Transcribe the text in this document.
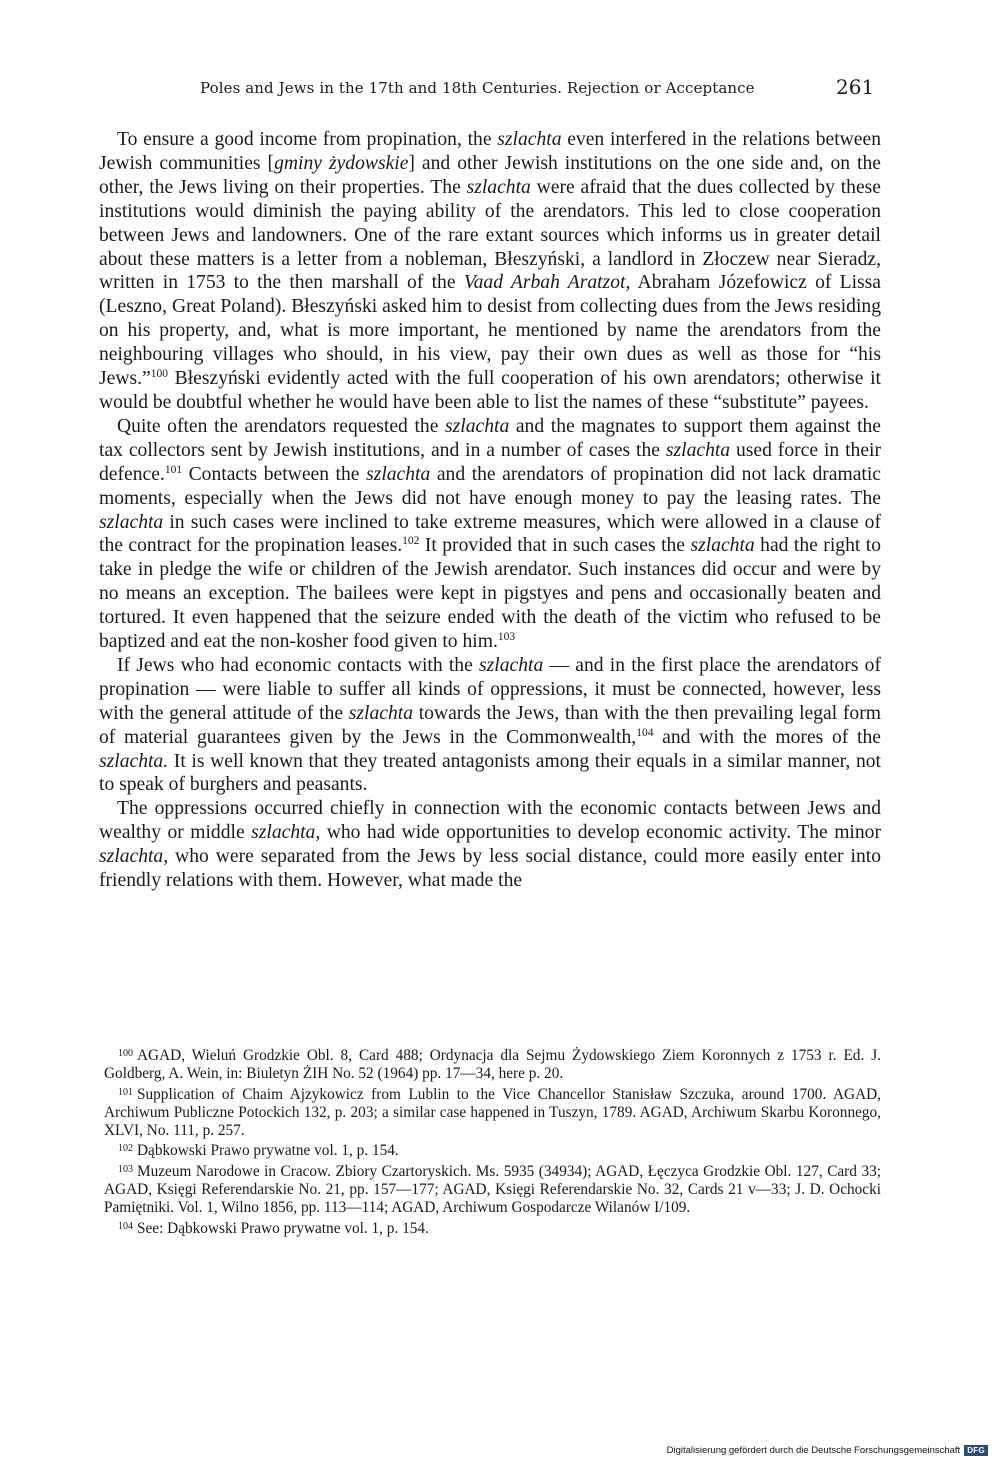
Poles and Jews in the 17th and 18th Centuries. Rejection or Acceptance	261

To ensure a good income from propination, the szlachta even interfered in the relations between Jewish communities [gminy żydowskie] and other Jewish institutions on the one side and, on the other, the Jews living on their properties. The szlachta were afraid that the dues collected by these institutions would diminish the paying ability of the arendators. This led to close cooperation between Jews and landowners. One of the rare extant sources which informs us in greater detail about these matters is a letter from a nobleman, Błeszyński, a landlord in Złoczew near Sieradz, written in 1753 to the then marshall of the Vaad Arbah Aratzot, Abraham Józefowicz of Lissa (Leszno, Great Poland). Błeszyński asked him to desist from collecting dues from the Jews residing on his property, and, what is more important, he mentioned by name the arendators from the neighbouring villages who should, in his view, pay their own dues as well as those for “his Jews.”$^{100}$ Błeszyński evidently acted with the full cooperation of his own arendators; otherwise it would be doubtful whether he would have been able to list the names of these “substitute” payees.

Quite often the arendators requested the szlachta and the magnates to support them against the tax collectors sent by Jewish institutions, and in a number of cases the szlachta used force in their defence.$^{101}$ Contacts between the szlachta and the arendators of propination did not lack dramatic moments, especially when the Jews did not have enough money to pay the leasing rates. The szlachta in such cases were inclined to take extreme measures, which were allowed in a clause of the contract for the propination leases.$^{102}$ It provided that in such cases the szlachta had the right to take in pledge the wife or children of the Jewish arendator. Such instances did occur and were by no means an exception. The bailees were kept in pigstyes and pens and occasionally beaten and tortured. It even happened that the seizure ended with the death of the victim who refused to be baptized and eat the non-kosher food given to him.$^{103}$

If Jews who had economic contacts with the szlachta — and in the first place the arendators of propination — were liable to suffer all kinds of oppressions, it must be connected, however, less with the general attitude of the szlachta towards the Jews, than with the then prevailing legal form of material guarantees given by the Jews in the Commonwealth,$^{104}$ and with the mores of the szlachta. It is well known that they treated antagonists among their equals in a similar manner, not to speak of burghers and peasants.

The oppressions occurred chiefly in connection with the economic contacts between Jews and wealthy or middle szlachta, who had wide opportunities to develop economic activity. The minor szlachta, who were separated from the Jews by less social distance, could more easily enter into friendly relations with them. However, what made the

$^{100}$ AGAD, Wieluń Grodzkie Obl. 8, Card 488; Ordynacja dla Sejmu Żydowskiego Ziem Koronnych z 1753 r. Ed. J. Goldberg, A. Wein, in: Biuletyn ŻIH No. 52 (1964) pp. 17—34, here p. 20.

$^{101}$ Supplication of Chaim Ajzykowicz from Lublin to the Vice Chancellor Stanisław Szczuka, around 1700. AGAD, Archiwum Publiczne Potockich 132, p. 203; a similar case happened in Tuszyn, 1789. AGAD, Archiwum Skarbu Koronnego, XLVI, No. 111, p. 257.

$^{102}$ Dąbkowski Prawo prywatne vol. 1, p. 154.

$^{103}$ Muzeum Narodowe in Cracow. Zbiory Czartoryskich. Ms. 5935 (34934); AGAD, Łęczyca Grodzkie Obl. 127, Card 33; AGAD, Księgi Referendarskie No. 21, pp. 157—177; AGAD, Księgi Referendarskie No. 32, Cards 21 v—33; J. D. Ochocki Pamiętniki. Vol. 1, Wilno 1856, pp. 113—114; AGAD, Archiwum Gospodarcze Wilanów I/109.

$^{104}$ See: Dąbkowski Prawo prywatne vol. 1, p. 154.

Digitalisierung gefördert durch die Deutsche Forschungsgemeinschaft DFG
